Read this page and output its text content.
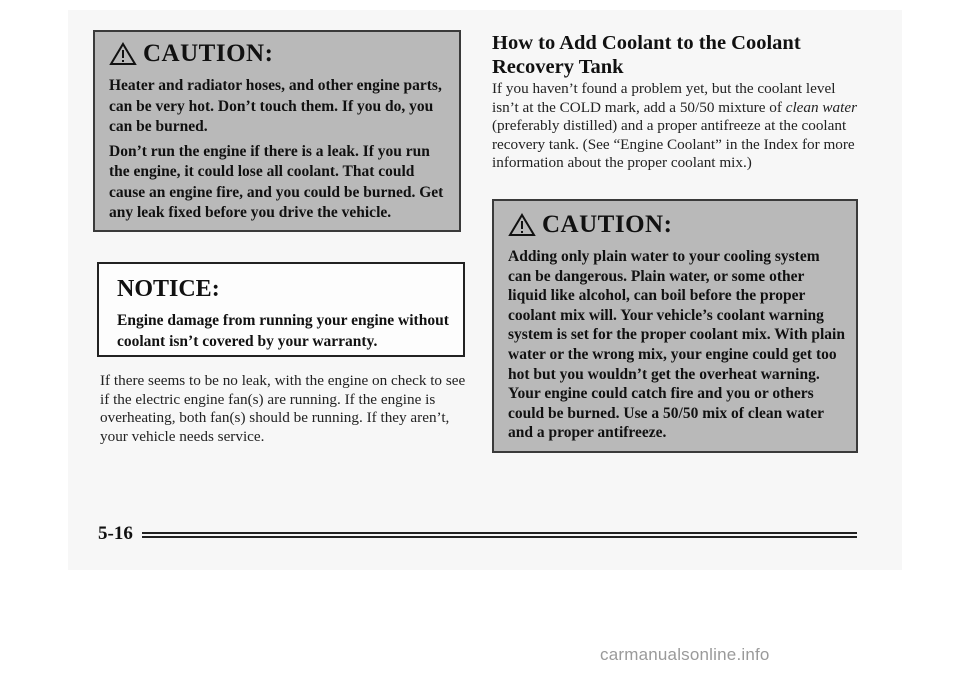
CAUTION:

Heater and radiator hoses, and other engine parts, can be very hot. Don’t touch them. If you do, you can be burned.

Don’t run the engine if there is a leak. If you run the engine, it could lose all coolant. That could cause an engine fire, and you could be burned. Get any leak fixed before you drive the vehicle.

NOTICE:

Engine damage from running your engine without coolant isn’t covered by your warranty.

If there seems to be no leak, with the engine on check to see if the electric engine fan(s) are running. If the engine is overheating, both fan(s) should be running. If they aren’t, your vehicle needs service.

How to Add Coolant to the Coolant Recovery Tank

If you haven’t found a problem yet, but the coolant level isn’t at the COLD mark, add a 50/50 mixture of clean water (preferably distilled) and a proper antifreeze at the coolant recovery tank. (See “Engine Coolant” in the Index for more information about the proper coolant mix.)

CAUTION:

Adding only plain water to your cooling system can be dangerous. Plain water, or some other liquid like alcohol, can boil before the proper coolant mix will. Your vehicle’s coolant warning system is set for the proper coolant mix. With plain water or the wrong mix, your engine could get too hot but you wouldn’t get the overheat warning. Your engine could catch fire and you or others could be burned. Use a 50/50 mix of clean water and a proper antifreeze.

5-16
carmanualsonline.info
